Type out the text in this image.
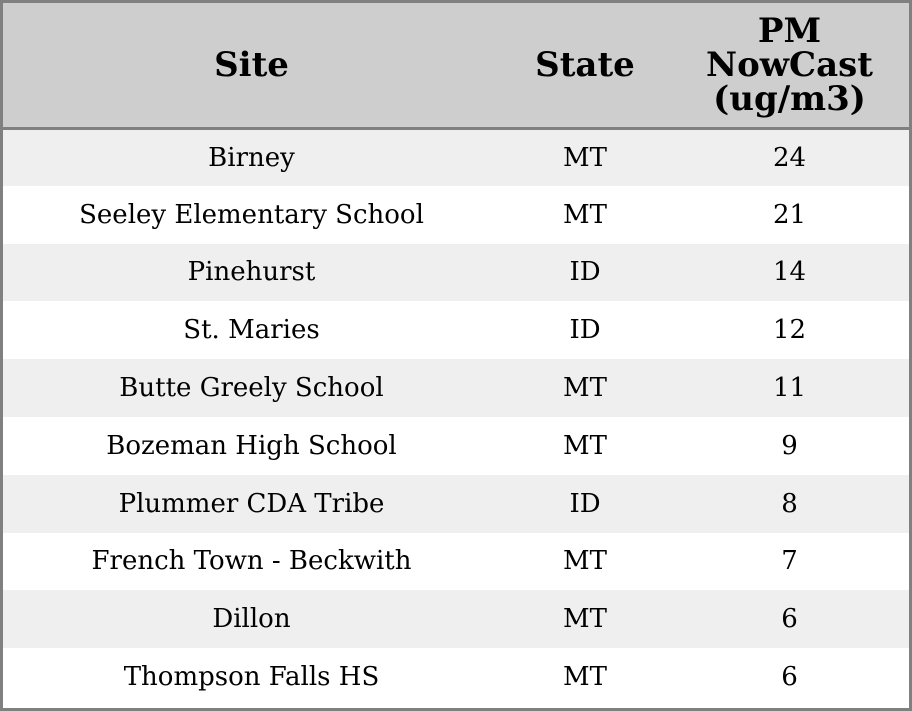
Site	State	PM
NowCast
(ug/m3)
Birney	MT	24
Seeley Elementary School	MT	21
Pinehurst	ID	14
St. Maries	ID	12
Butte Greely School	MT	11
Bozeman High School	MT	9
Plummer CDA Tribe	ID	8
French Town - Beckwith	MT	7
Dillon	MT	6
Thompson Falls HS	MT	6
